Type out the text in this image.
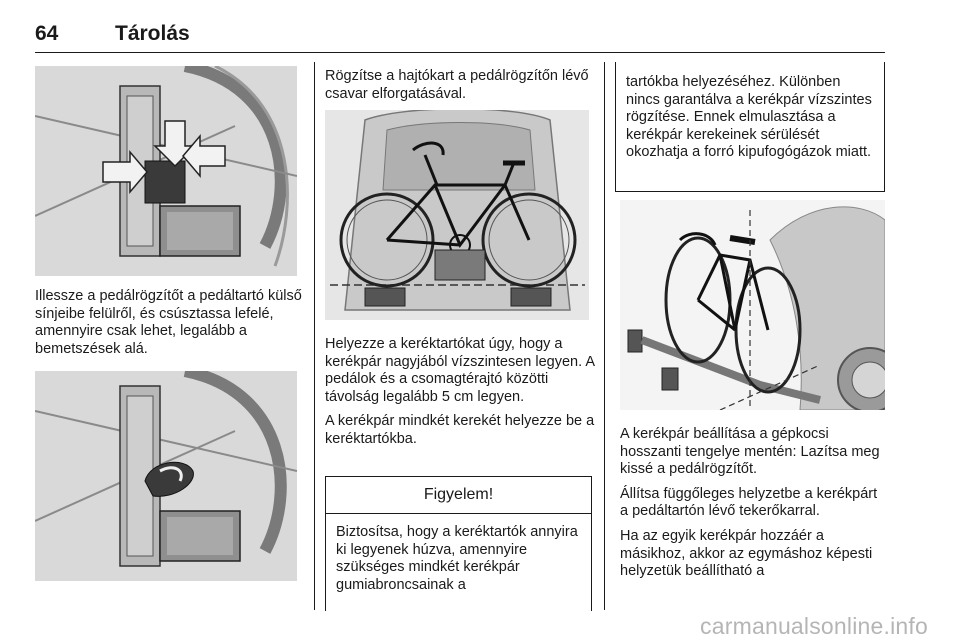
64	Tárolás

Illessze a pedálrögzítőt a pedáltartó külső sínjeibe felülről, és csúsztassa lefelé, amennyire csak lehet, legalább a bemetszések alá.

Rögzítse a hajtókart a pedálrögzítőn lévő csavar elforgatásával.

Helyezze a keréktartókat úgy, hogy a kerékpár nagyjából vízszintesen legyen. A pedálok és a csomagtérajtó közötti távolság legalább 5 cm legyen.

A kerékpár mindkét kerekét helyezze be a keréktartókba.

Figyelem!
Biztosítsa, hogy a keréktartók annyira ki legyenek húzva, amennyire szükséges mindkét kerékpár gumiabroncsainak a
tartókba helyezéséhez. Különben nincs garantálva a kerékpár vízszintes rögzítése. Ennek elmulasztása a kerékpár kerekeinek sérülését okozhatja a forró kipufogógázok miatt.

A kerékpár beállítása a gépkocsi hosszanti tengelye mentén: Lazítsa meg kissé a pedálrögzítőt.

Állítsa függőleges helyzetbe a kerékpárt a pedáltartón lévő tekerőkarral.

Ha az egyik kerékpár hozzáér a másikhoz, akkor az egymáshoz képesti helyzetük beállítható a

carmanualsonline.info
